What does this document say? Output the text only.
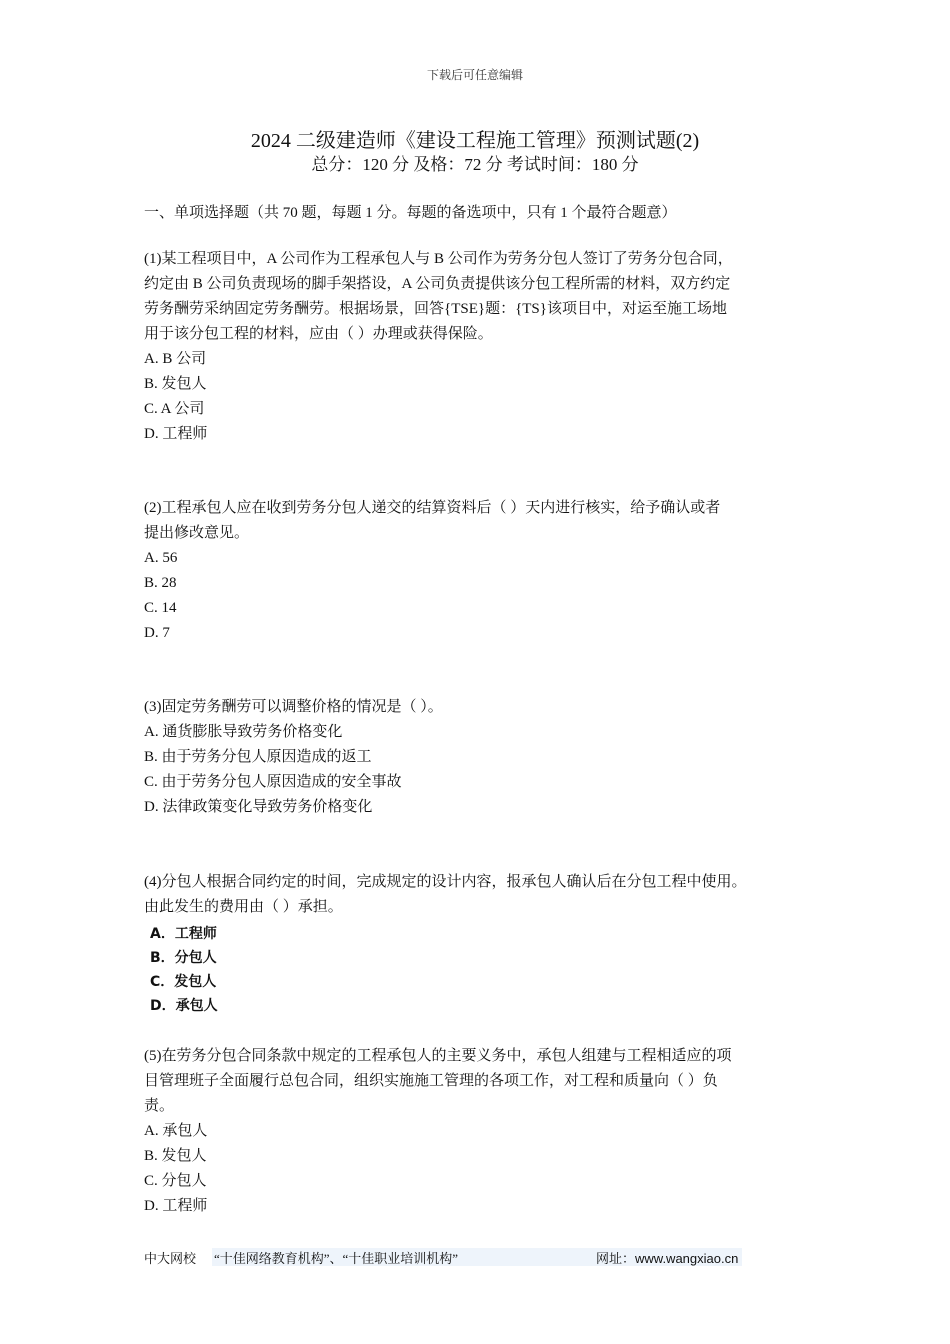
下载后可任意编辑
2024 二级建造师《建设工程施工管理》预测试题(2)
总分：120 分 及格：72 分 考试时间：180 分
一、单项选择题（共 70 题，每题 1 分。每题的备选项中，只有 1 个最符合题意）
(1)某工程项目中，A 公司作为工程承包人与 B 公司作为劳务分包人签订了劳务分包合同，
约定由 B 公司负责现场的脚手架搭设，A 公司负责提供该分包工程所需的材料，双方约定
劳务酬劳采纳固定劳务酬劳。根据场景，回答{TSE}题：{TS}该项目中，对运至施工场地
用于该分包工程的材料，应由（ ）办理或获得保险。
A. B 公司
B. 发包人
C. A 公司
D. 工程师
(2)工程承包人应在收到劳务分包人递交的结算资料后（ ）天内进行核实，给予确认或者
提出修改意见。
A. 56
B. 28
C. 14
D. 7
(3)固定劳务酬劳可以调整价格的情况是（ ）。
A. 通货膨胀导致劳务价格变化
B. 由于劳务分包人原因造成的返工
C. 由于劳务分包人原因造成的安全事故
D. 法律政策变化导致劳务价格变化
(4)分包人根据合同约定的时间，完成规定的设计内容，报承包人确认后在分包工程中使用。
由此发生的费用由（ ）承担。
A．工程师
B．分包人
C．发包人
D．承包人
(5)在劳务分包合同条款中规定的工程承包人的主要义务中，承包人组建与工程相适应的项
目管理班子全面履行总包合同，组织实施施工管理的各项工作，对工程和质量向（ ）负
责。
A. 承包人
B. 发包人
C. 分包人
D. 工程师
中大网校 “十佳网络教育机构”、“十佳职业培训机构”	网址：www.wangxiao.cn
